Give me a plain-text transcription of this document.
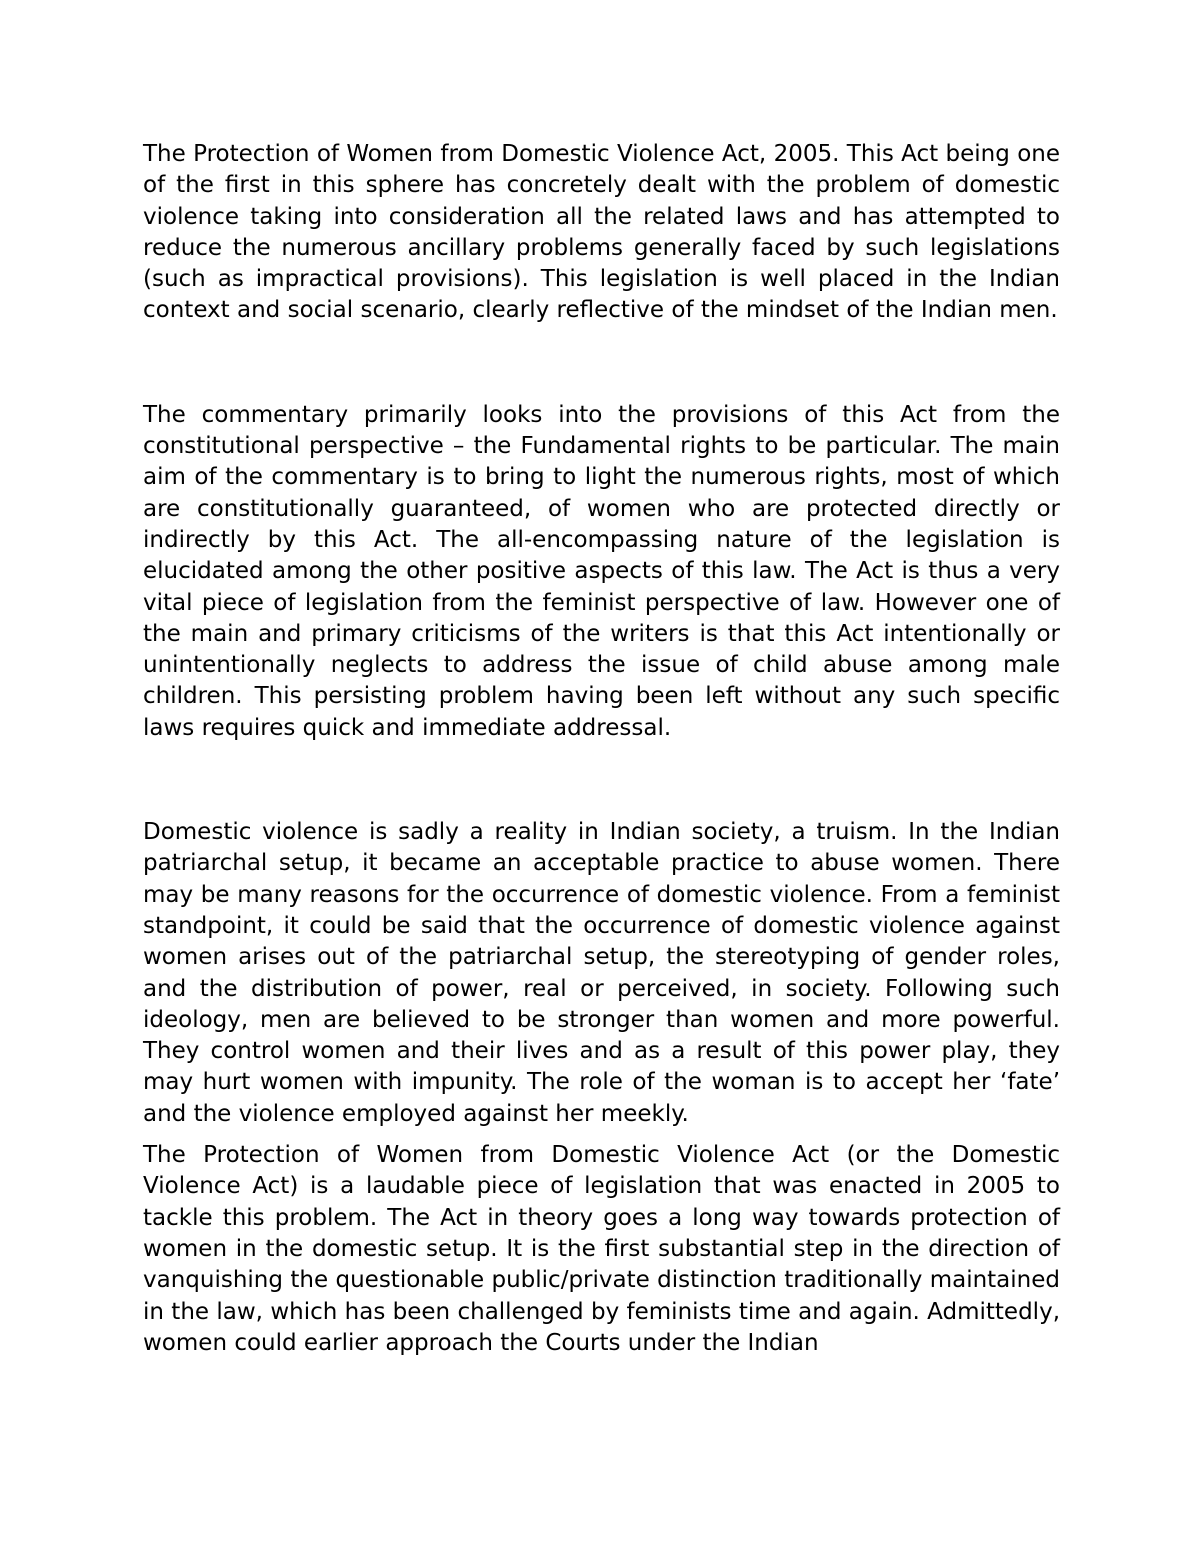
The Protection of Women from Domestic Violence Act, 2005. This Act being one of the first in this sphere has concretely dealt with the problem of domestic violence taking into consideration all the related laws and has attempted to reduce the numerous ancillary problems generally faced by such legislations (such as impractical provisions). This legislation is well placed in the Indian context and social scenario, clearly reflective of the mindset of the Indian men.

The commentary primarily looks into the provisions of this Act from the constitutional perspective – the Fundamental rights to be particular. The main aim of the commentary is to bring to light the numerous rights, most of which are constitutionally guaranteed, of women who are protected directly or indirectly by this Act. The all-encompassing nature of the legislation is elucidated among the other positive aspects of this law. The Act is thus a very vital piece of legislation from the feminist perspective of law. However one of the main and primary criticisms of the writers is that this Act intentionally or unintentionally neglects to address the issue of child abuse among male children. This persisting problem having been left without any such specific laws requires quick and immediate addressal.

Domestic violence is sadly a reality in Indian society, a truism. In the Indian patriarchal setup, it became an acceptable practice to abuse women. There may be many reasons for the occurrence of domestic violence. From a feminist standpoint, it could be said that the occurrence of domestic violence against women arises out of the patriarchal setup, the stereotyping of gender roles, and the distribution of power, real or perceived, in society. Following such ideology, men are believed to be stronger than women and more powerful. They control women and their lives and as a result of this power play, they may hurt women with impunity. The role of the woman is to accept her ‘fate’ and the violence employed against her meekly.

The Protection of Women from Domestic Violence Act (or the Domestic Violence Act) is a laudable piece of legislation that was enacted in 2005 to tackle this problem. The Act in theory goes a long way towards protection of women in the domestic setup. It is the first substantial step in the direction of vanquishing the questionable public/private distinction traditionally maintained in the law, which has been challenged by feminists time and again. Admittedly, women could earlier approach the Courts under the Indian
